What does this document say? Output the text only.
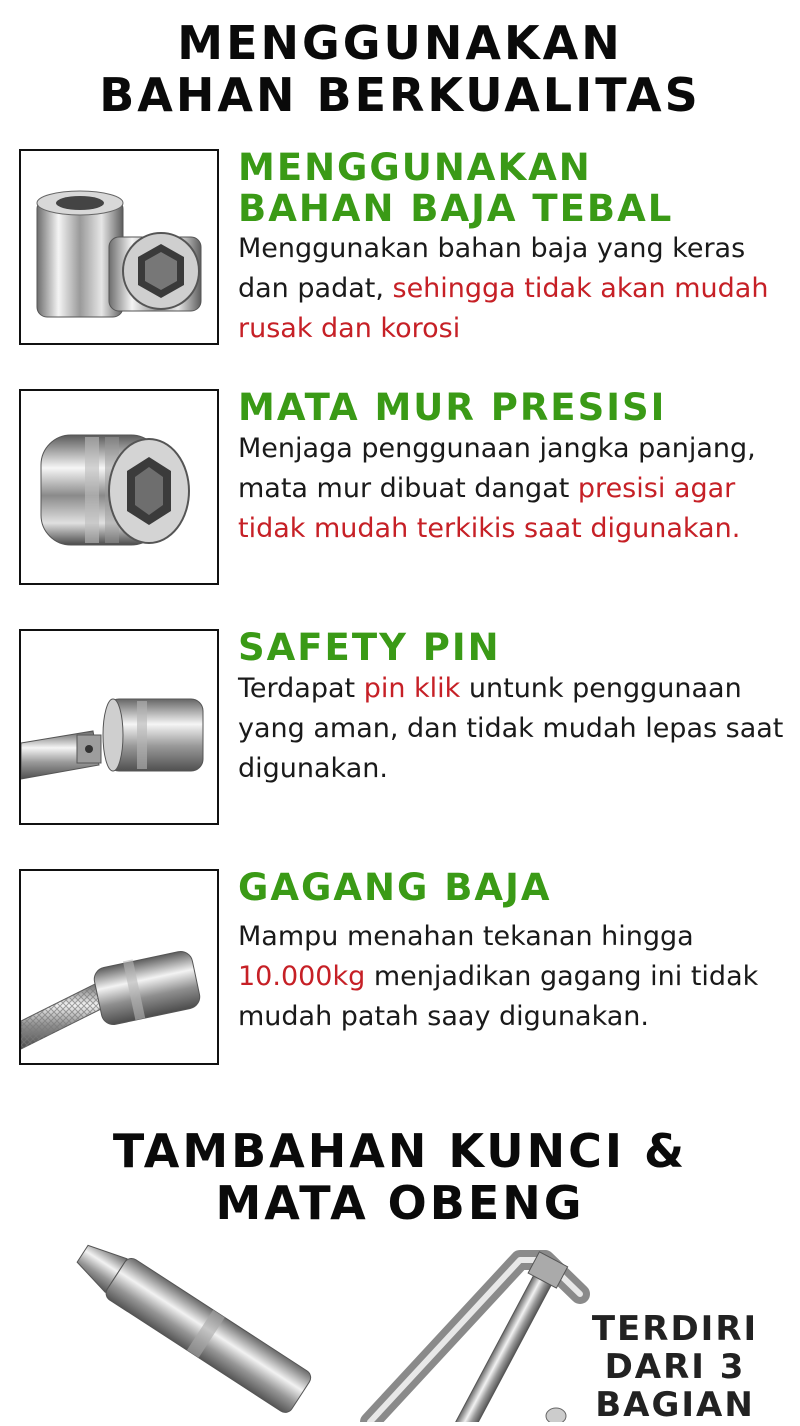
MENGGUNAKAN
BAHAN BERKUALITAS
MENGGUNAKAN
BAHAN BAJA TEBAL

Menggunakan bahan baja yang keras dan padat, sehingga tidak akan mudah rusak dan korosi

MATA MUR PRESISI

Menjaga penggunaan jangka panjang, mata mur dibuat dangat presisi agar tidak mudah terkikis saat digunakan.

SAFETY PIN

Terdapat pin klik untunk penggunaan yang aman, dan tidak mudah lepas saat digunakan.

GAGANG BAJA

Mampu menahan tekanan hingga 10.000kg menjadikan gagang ini tidak mudah patah saay digunakan.

TAMBAHAN KUNCI &
MATA OBENG
TERDIRI
DARI 3
BAGIAN
